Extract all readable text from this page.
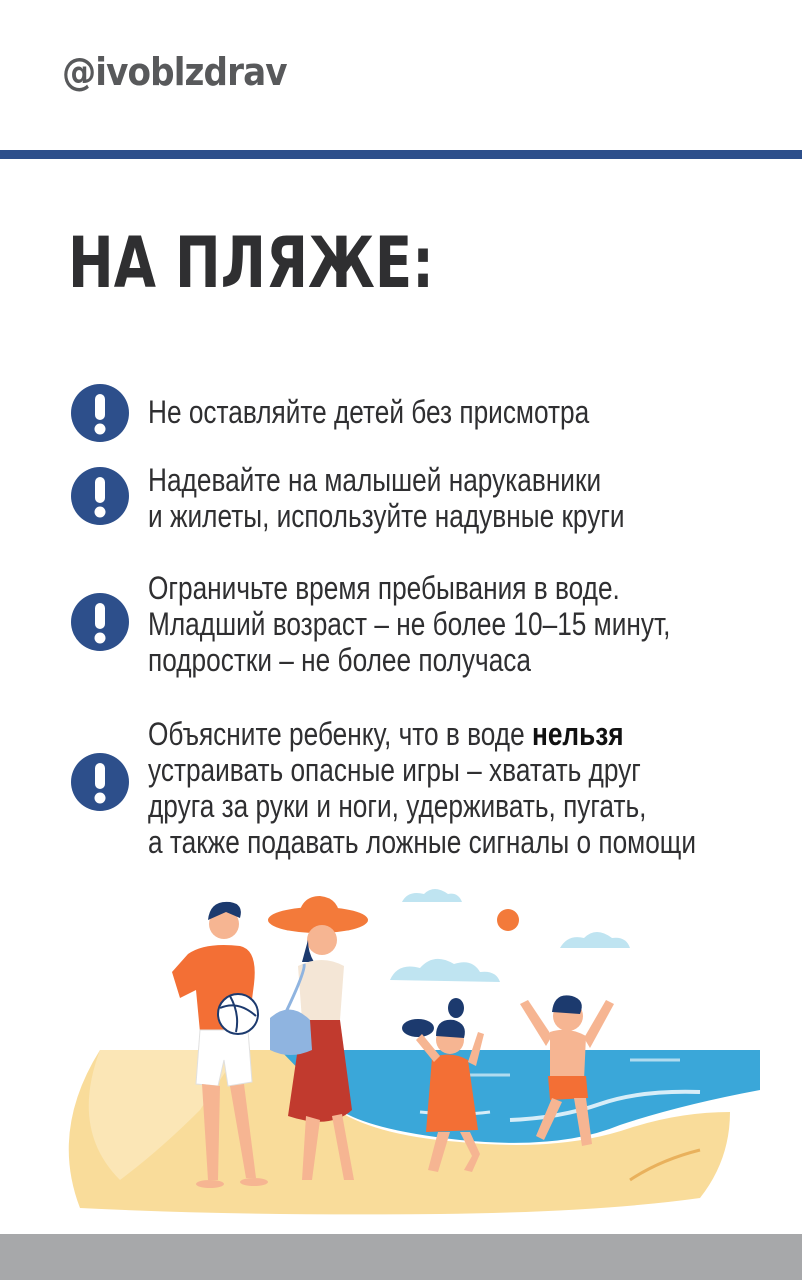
@ivoblzdrav
НА ПЛЯЖЕ:
Не оставляйте детей без присмотра
Надевайте на малышей нарукавники
и жилеты, используйте надувные круги
Ограничьте время пребывания в воде.
Младший возраст – не более 10–15 минут,
подростки – не более получаса
Объясните ребенку, что в воде нельзя
устраивать опасные игры – хватать друг
друга за руки и ноги, удерживать, пугать,
а также подавать ложные сигналы о помощи
